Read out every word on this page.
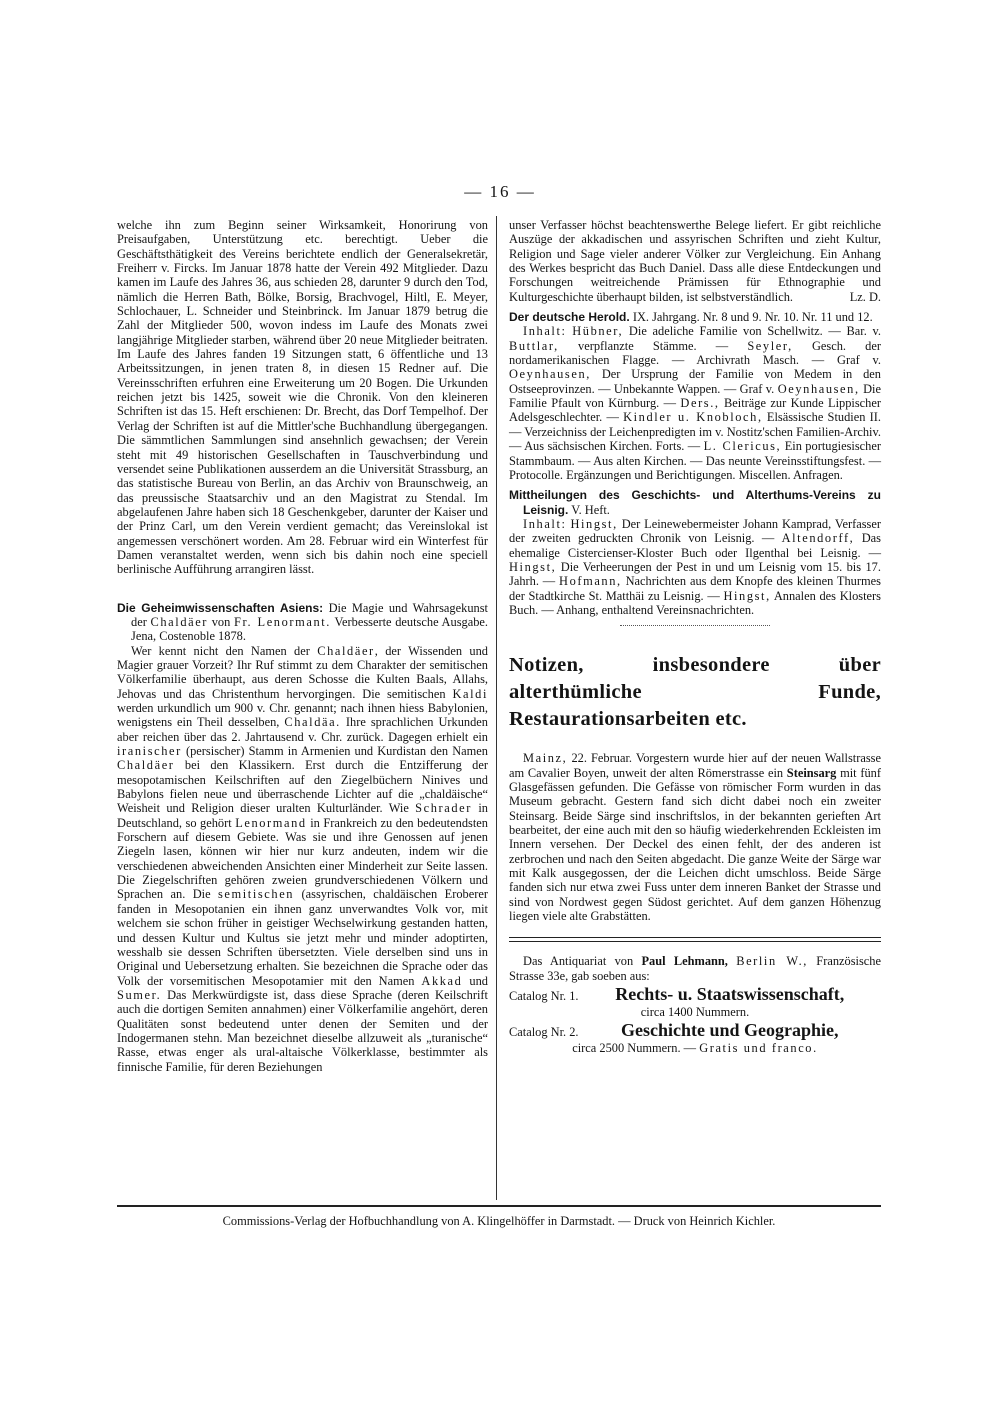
— 16 —

welche ihn zum Beginn seiner Wirksamkeit, Honorirung von Preisaufgaben, Unterstützung etc. berechtigt. Ueber die Geschäftsthätigkeit des Vereins berichtete endlich der Generalsekretär, Freiherr v. Fircks. Im Januar 1878 hatte der Verein 492 Mitglieder. Dazu kamen im Laufe des Jahres 36, aus schieden 28, darunter 9 durch den Tod, nämlich die Herren Bath, Bölke, Borsig, Brachvogel, Hiltl, E. Meyer, Schlochauer, L. Schneider und Steinbrinck. Im Januar 1879 betrug die Zahl der Mitglieder 500, wovon indess im Laufe des Monats zwei langjährige Mitglieder starben, während über 20 neue Mitglieder beitraten. Im Laufe des Jahres fanden 19 Sitzungen statt, 6 öffentliche und 13 Arbeitssitzungen, in jenen traten 8, in diesen 15 Redner auf. Die Vereinsschriften erfuhren eine Erweiterung um 20 Bogen. Die Urkunden reichen jetzt bis 1425, soweit wie die Chronik. Von den kleineren Schriften ist das 15. Heft erschienen: Dr. Brecht, das Dorf Tempelhof. Der Verlag der Schriften ist auf die Mittler'sche Buchhandlung übergegangen. Die sämmtlichen Sammlungen sind ansehnlich gewachsen; der Verein steht mit 49 historischen Gesellschaften in Tauschverbindung und versendet seine Publikationen ausserdem an die Universität Strassburg, an das statistische Bureau von Berlin, an das Archiv von Braunschweig, an das preussische Staatsarchiv und an den Magistrat zu Stendal. Im abgelaufenen Jahre haben sich 18 Geschenkgeber, darunter der Kaiser und der Prinz Carl, um den Verein verdient gemacht; das Vereinslokal ist angemessen verschönert worden. Am 28. Februar wird ein Winterfest für Damen veranstaltet werden, wenn sich bis dahin noch eine speciell berlinische Aufführung arrangiren lässt.

Die Geheimwissenschaften Asiens: Die Magie und Wahrsagekunst der Chaldäer von Fr. Lenormant. Verbesserte deutsche Ausgabe. Jena, Costenoble 1878.

Wer kennt nicht den Namen der Chaldäer, der Wissenden und Magier grauer Vorzeit? Ihr Ruf stimmt zu dem Charakter der semitischen Völkerfamilie überhaupt, aus deren Schosse die Kulten Baals, Allahs, Jehovas und das Christenthum hervorgingen. Die semitischen Kaldi werden urkundlich um 900 v. Chr. genannt; nach ihnen hiess Babylonien, wenigstens ein Theil desselben, Chaldäa. Ihre sprachlichen Urkunden aber reichen über das 2. Jahrtausend v. Chr. zurück. Dagegen erhielt ein iranischer (persischer) Stamm in Armenien und Kurdistan den Namen Chaldäer bei den Klassikern. Erst durch die Entzifferung der mesopotamischen Keilschriften auf den Ziegelbüchern Ninives und Babylons fielen neue und überraschende Lichter auf die „chaldäische“ Weisheit und Religion dieser uralten Kulturländer. Wie Schrader in Deutschland, so gehört Lenormand in Frankreich zu den bedeutendsten Forschern auf diesem Gebiete. Was sie und ihre Genossen auf jenen Ziegeln lasen, können wir hier nur kurz andeuten, indem wir die verschiedenen abweichenden Ansichten einer Minderheit zur Seite lassen. Die Ziegelschriften gehören zweien grundverschiedenen Völkern und Sprachen an. Die semitischen (assyrischen, chaldäischen Eroberer fanden in Mesopotanien ein ihnen ganz unverwandtes Volk vor, mit welchem sie schon früher in geistiger Wechselwirkung gestanden hatten, und dessen Kultur und Kultus sie jetzt mehr und minder adoptirten, wesshalb sie dessen Schriften übersetzten. Viele derselben sind uns in Original und Uebersetzung erhalten. Sie bezeichnen die Sprache oder das Volk der vorsemitischen Mesopotamier mit den Namen Akkad und Sumer. Das Merkwürdigste ist, dass diese Sprache (deren Keilschrift auch die dortigen Semiten annahmen) einer Völkerfamilie angehört, deren Qualitäten sonst bedeutend unter denen der Semiten und der Indogermanen stehn. Man bezeichnet dieselbe allzuweit als „turanische“ Rasse, etwas enger als ural-altaische Völkerklasse, bestimmter als finnische Familie, für deren Beziehungen

unser Verfasser höchst beachtenswerthe Belege liefert. Er gibt reichliche Auszüge der akkadischen und assyrischen Schriften und zieht Kultur, Religion und Sage vieler anderer Völker zur Vergleichung. Ein Anhang des Werkes bespricht das Buch Daniel. Dass alle diese Entdeckungen und Forschungen weitreichende Prämissen für Ethnographie und Kulturgeschichte überhaupt bilden, ist selbstverständlich.	Lz. D.

Der deutsche Herold. IX. Jahrgang. Nr. 8 und 9. Nr. 10. Nr. 11 und 12.

Inhalt: Hübner, Die adeliche Familie von Schellwitz. — Bar. v. Buttlar, verpflanzte Stämme. — Seyler, Gesch. der nordamerikanischen Flagge. — Archivrath Masch. — Graf v. Oeynhausen, Der Ursprung der Familie von Medem in den Ostseeprovinzen. — Unbekannte Wappen. — Graf v. Oeynhausen, Die Familie Pfault von Kürnburg. — Ders., Beiträge zur Kunde Lippischer Adelsgeschlechter. — Kindler u. Knobloch, Elsässische Studien II. — Verzeichniss der Leichenpredigten im v. Nostitz'schen Familien-Archiv. — Aus sächsischen Kirchen. Forts. — L. Clericus, Ein portugiesischer Stammbaum. — Aus alten Kirchen. — Das neunte Vereinsstiftungsfest. — Protocolle. Ergänzungen und Berichtigungen. Miscellen. Anfragen.

Mittheilungen des Geschichts- und Alterthums-Vereins zu Leisnig. V. Heft.

Inhalt: Hingst, Der Leinewebermeister Johann Kamprad, Verfasser der zweiten gedruckten Chronik von Leisnig. — Altendorff, Das ehemalige Cistercienser-Kloster Buch oder Ilgenthal bei Leisnig. — Hingst, Die Verheerungen der Pest in und um Leisnig vom 15. bis 17. Jahrh. — Hofmann, Nachrichten aus dem Knopfe des kleinen Thurmes der Stadtkirche St. Matthäi zu Leisnig. — Hingst, Annalen des Klosters Buch. — Anhang, enthaltend Vereinsnachrichten.

Notizen, insbesondere über alterthümliche Funde, Restaurationsarbeiten etc.

Mainz, 22. Februar. Vorgestern wurde hier auf der neuen Wallstrasse am Cavalier Boyen, unweit der alten Römerstrasse ein Steinsarg mit fünf Glasgefässen gefunden. Die Gefässe von römischer Form wurden in das Museum gebracht. Gestern fand sich dicht dabei noch ein zweiter Steinsarg. Beide Särge sind inschriftslos, in der bekannten gerieften Art bearbeitet, der eine auch mit den so häufig wiederkehrenden Eckleisten im Innern versehen. Der Deckel des einen fehlt, der des anderen ist zerbrochen und nach den Seiten abgedacht. Die ganze Weite der Särge war mit Kalk ausgegossen, der die Leichen dicht umschloss. Beide Särge fanden sich nur etwa zwei Fuss unter dem inneren Banket der Strasse und sind von Nordwest gegen Südost gerichtet. Auf dem ganzen Höhenzug liegen viele alte Grabstätten.

Das Antiquariat von Paul Lehmann, Berlin W., Französische Strasse 33e, gab soeben aus:

Catalog Nr. 1.	Rechts- u. Staatswissenschaft,
circa 1400 Nummern.
Catalog Nr. 2.	Geschichte und Geographie,
circa 2500 Nummern. — Gratis und franco.
Commissions-Verlag der Hofbuchhandlung von A. Klingelhöffer in Darmstadt. — Druck von Heinrich Kichler.
